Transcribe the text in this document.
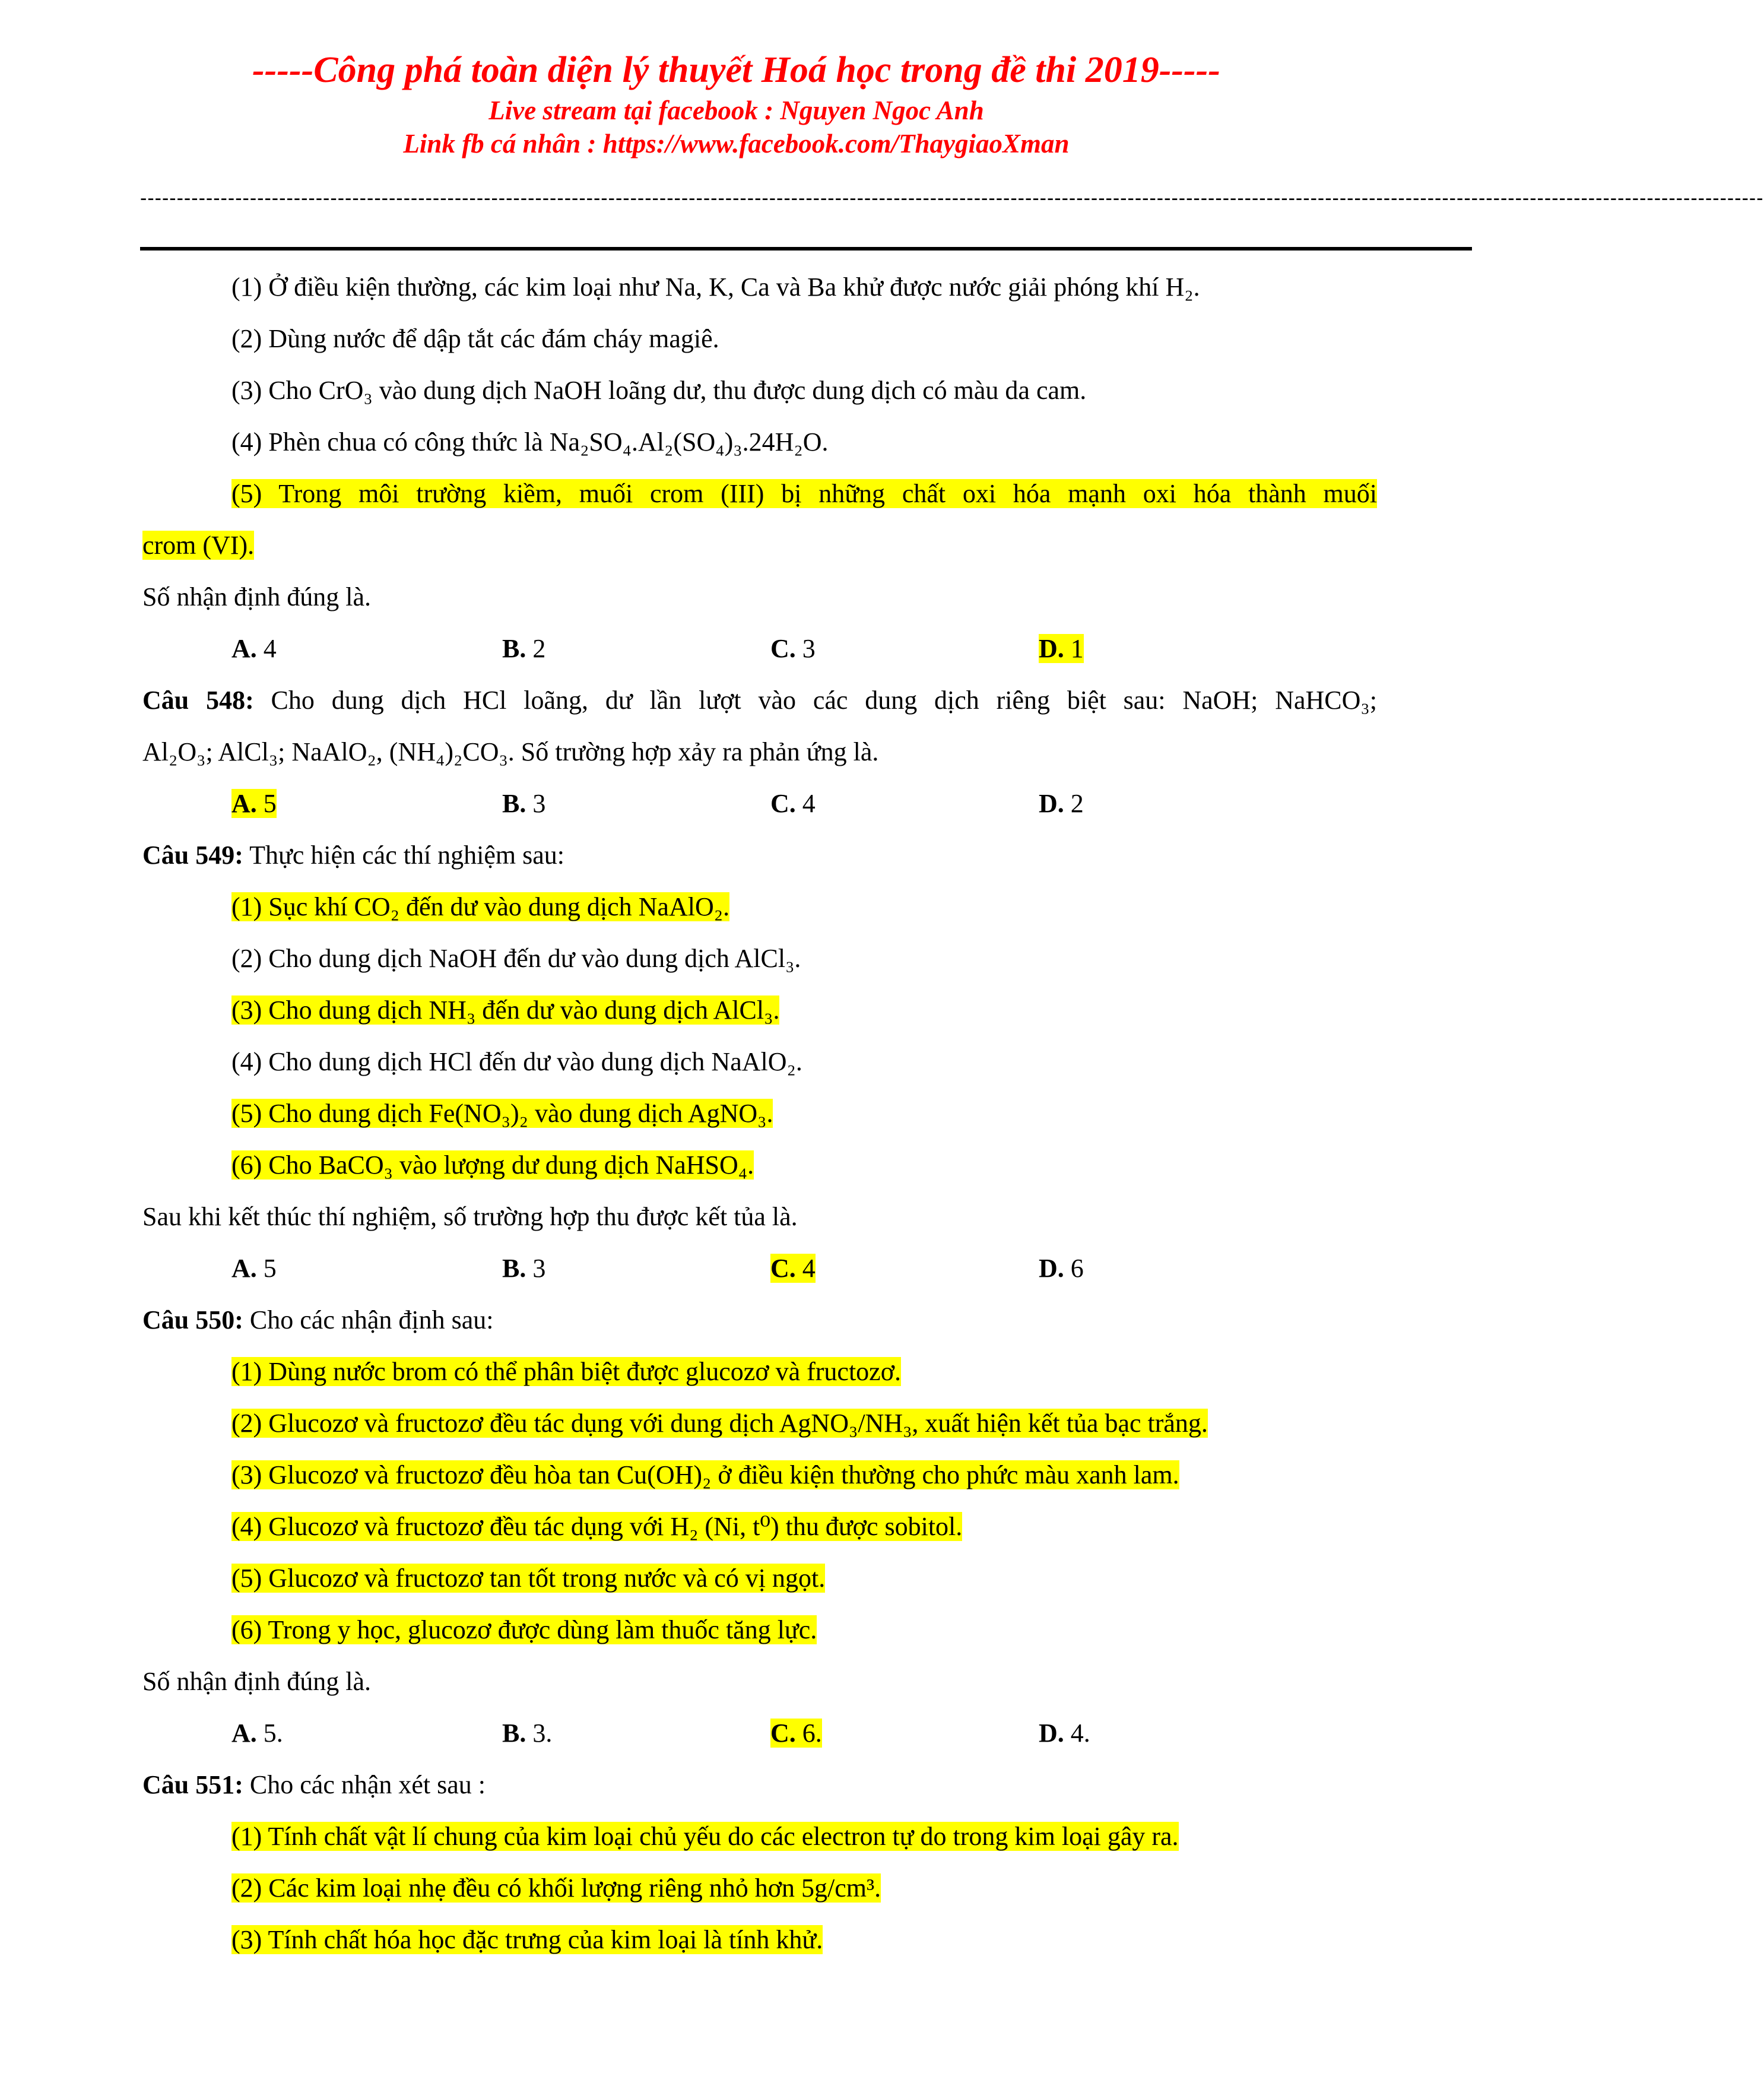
-----Công phá toàn diện lý thuyết Hoá học trong đề thi 2019-----
Live stream tại facebook : Nguyen Ngoc Anh
Link fb cá nhân : https://www.facebook.com/ThaygiaoXman
------------------------------------------------------------------------------------------------------------------------------------------------------------------------------------------------------------------------------
(1) Ở điều kiện thường, các kim loại như Na, K, Ca và Ba khử được nước giải phóng khí H₂.
(2) Dùng nước để dập tắt các đám cháy magiê.
(3) Cho CrO₃ vào dung dịch NaOH loãng dư, thu được dung dịch có màu da cam.
(4) Phèn chua có công thức là Na₂SO₄.Al₂(SO₄)₃.24H₂O.
(5) Trong môi trường kiềm, muối crom (III) bị những chất oxi hóa mạnh oxi hóa thành muối
crom (VI).
Số nhận định đúng là.
A. 4	B. 2	C. 3	D. 1
Câu 548: Cho dung dịch HCl loãng, dư lần lượt vào các dung dịch riêng biệt sau: NaOH; NaHCO₃;
Al₂O₃; AlCl₃; NaAlO₂, (NH₄)₂CO₃. Số trường hợp xảy ra phản ứng là.
A. 5	B. 3	C. 4	D. 2
Câu 549: Thực hiện các thí nghiệm sau:
(1) Sục khí CO₂ đến dư vào dung dịch NaAlO₂.
(2) Cho dung dịch NaOH đến dư vào dung dịch AlCl₃.
(3) Cho dung dịch NH₃ đến dư vào dung dịch AlCl₃.
(4) Cho dung dịch HCl đến dư vào dung dịch NaAlO₂.
(5) Cho dung dịch Fe(NO₃)₂ vào dung dịch AgNO₃.
(6) Cho BaCO₃ vào lượng dư dung dịch NaHSO₄.
Sau khi kết thúc thí nghiệm, số trường hợp thu được kết tủa là.
A. 5	B. 3	C. 4	D. 6
Câu 550: Cho các nhận định sau:
(1) Dùng nước brom có thể phân biệt được glucozơ và fructozơ.
(2) Glucozơ và fructozơ đều tác dụng với dung dịch AgNO₃/NH₃, xuất hiện kết tủa bạc trắng.
(3) Glucozơ và fructozơ đều hòa tan Cu(OH)₂ ở điều kiện thường cho phức màu xanh lam.
(4) Glucozơ và fructozơ đều tác dụng với H₂ (Ni, t⁰) thu được sobitol.
(5) Glucozơ và fructozơ tan tốt trong nước và có vị ngọt.
(6) Trong y học, glucozơ được dùng làm thuốc tăng lực.
Số nhận định đúng là.
A. 5.	B. 3.	C. 6.	D. 4.
Câu 551: Cho các nhận xét sau :
(1) Tính chất vật lí chung của kim loại chủ yếu do các electron tự do trong kim loại gây ra.
(2) Các kim loại nhẹ đều có khối lượng riêng nhỏ hơn 5g/cm³.
(3) Tính chất hóa học đặc trưng của kim loại là tính khử.
